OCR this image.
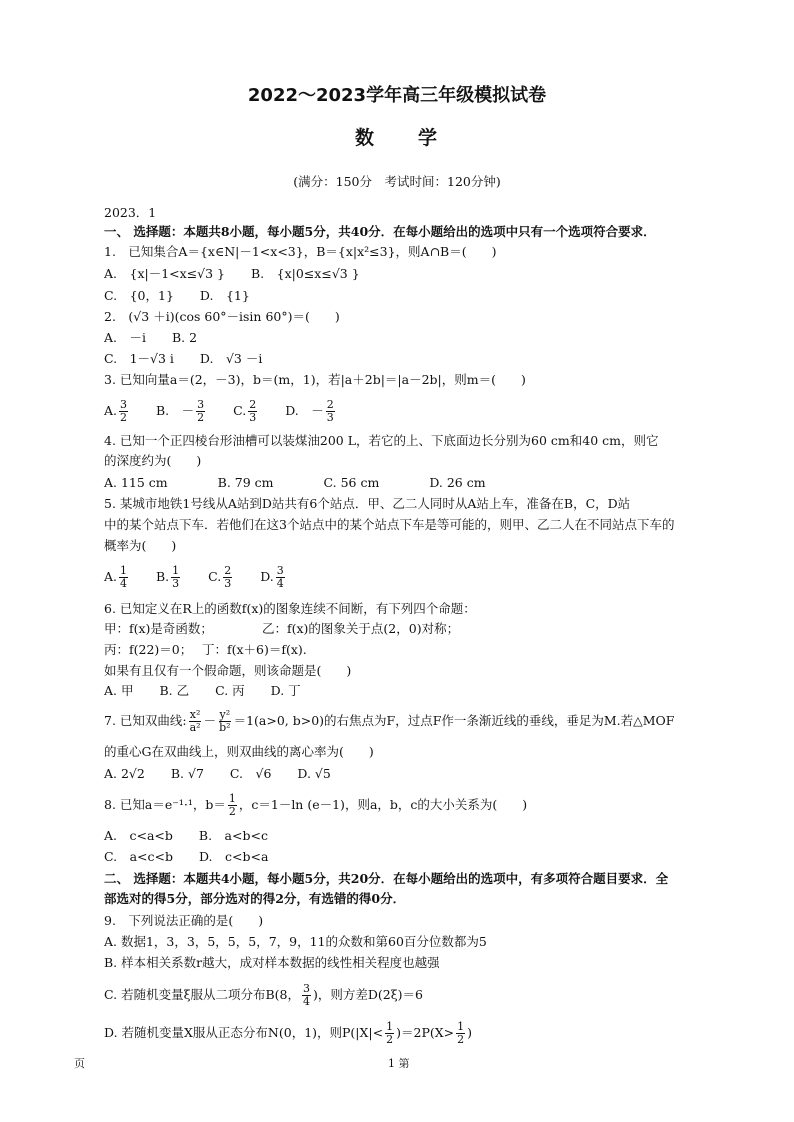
2022～2023学年高三年级模拟试卷
数　　学
(满分：150分　考试时间：120分钟)
2023．1
一、 选择题：本题共8小题，每小题5分，共40分．在每小题给出的选项中只有一个选项符合要求．
1.　已知集合A＝{x∈N|－1<x<3}，B＝{x|x²≤3}，则A∩B＝(　　)
A.　{x|－1<x≤√3 } B.　{x|0≤x≤√3 }
C.　{0，1} D.　{1}
2.　(√3 ＋i)(cos 60°－isin 60°)＝(　　)
A.　－i B. 2
C.　1－√3 i D.　√3 －i
3. 已知向量a＝(2，－3)，b＝(m，1)，若|a＋2b|＝|a－2b|，则m＝(　　)
A. $\frac{3}{2} B$.　－ $\frac{3}{2} C$. $\frac{2}{3} D$.　－ $\frac{2}{3}$
4. 已知一个正四棱台形油槽可以装煤油200 L，若它的上、下底面边长分别为60 cm和40 cm，则它
的深度约为(　　)
A. 115 cm	B. 79 cm	C. 56 cm	D. 26 cm
5. 某城市地铁1号线从A站到D站共有6个站点．甲、乙二人同时从A站上车，准备在B，C，D站
中的某个站点下车．若他们在这3个站点中的某个站点下车是等可能的，则甲、乙二人在不同站点下车的
概率为(　　)
A. $\frac{1}{4} B$. $\frac{1}{3} C$. $\frac{2}{3} D$. $\frac{3}{4}$
6. 已知定义在R上的函数f(x)的图象连续不间断，有下列四个命题：
甲：f(x)是奇函数；	乙：f(x)的图象关于点(2，0)对称；
丙：f(22)＝0； 丁：f(x＋6)＝f(x).
如果有且仅有一个假命题，则该命题是(　　)
A. 甲 B. 乙 C. 丙 D. 丁
7. 已知双曲线: $\frac{\text{x²}}{\text{a²}} - \frac{\text{y²}}{\text{b²}} =1(a>0$, b>0)的右焦点为F，过点F作一条渐近线的垂线，垂足为M.若△MOF
的重心G在双曲线上，则双曲线的离心率为(　　)
A. 2√2 B. √7 C.　√6 D. √5
8. 已知a＝e⁻¹·¹，$b= \frac{1}{2}$ ，c＝1－ln (e－1)，则a，b，c的大小关系为(　　)
A.　c<a<b B.　a<b<c
C.　a<c<b D.　c<b<a
二、 选择题：本题共4小题，每小题5分，共20分．在每小题给出的选项中，有多项符合题目要求．全
部选对的得5分，部分选对的得2分，有选错的得0分．
9.　下列说法正确的是(　　)
A. 数据1，3，3，5，5，5，7，9，11的众数和第60百分位数都为5
B. 样本相关系数r越大，成对样本数据的线性相关程度也越强
C. 若随机变量ξ服从二项分布B(8， $\frac{3}{4}$ )，则方差D(2ξ)＝6
D. 若随机变量X服从正态分布N(0，1)，则$P(|X|< \frac{1}{2} )=2P(X> \frac{1}{2}$ )
页	1 第
